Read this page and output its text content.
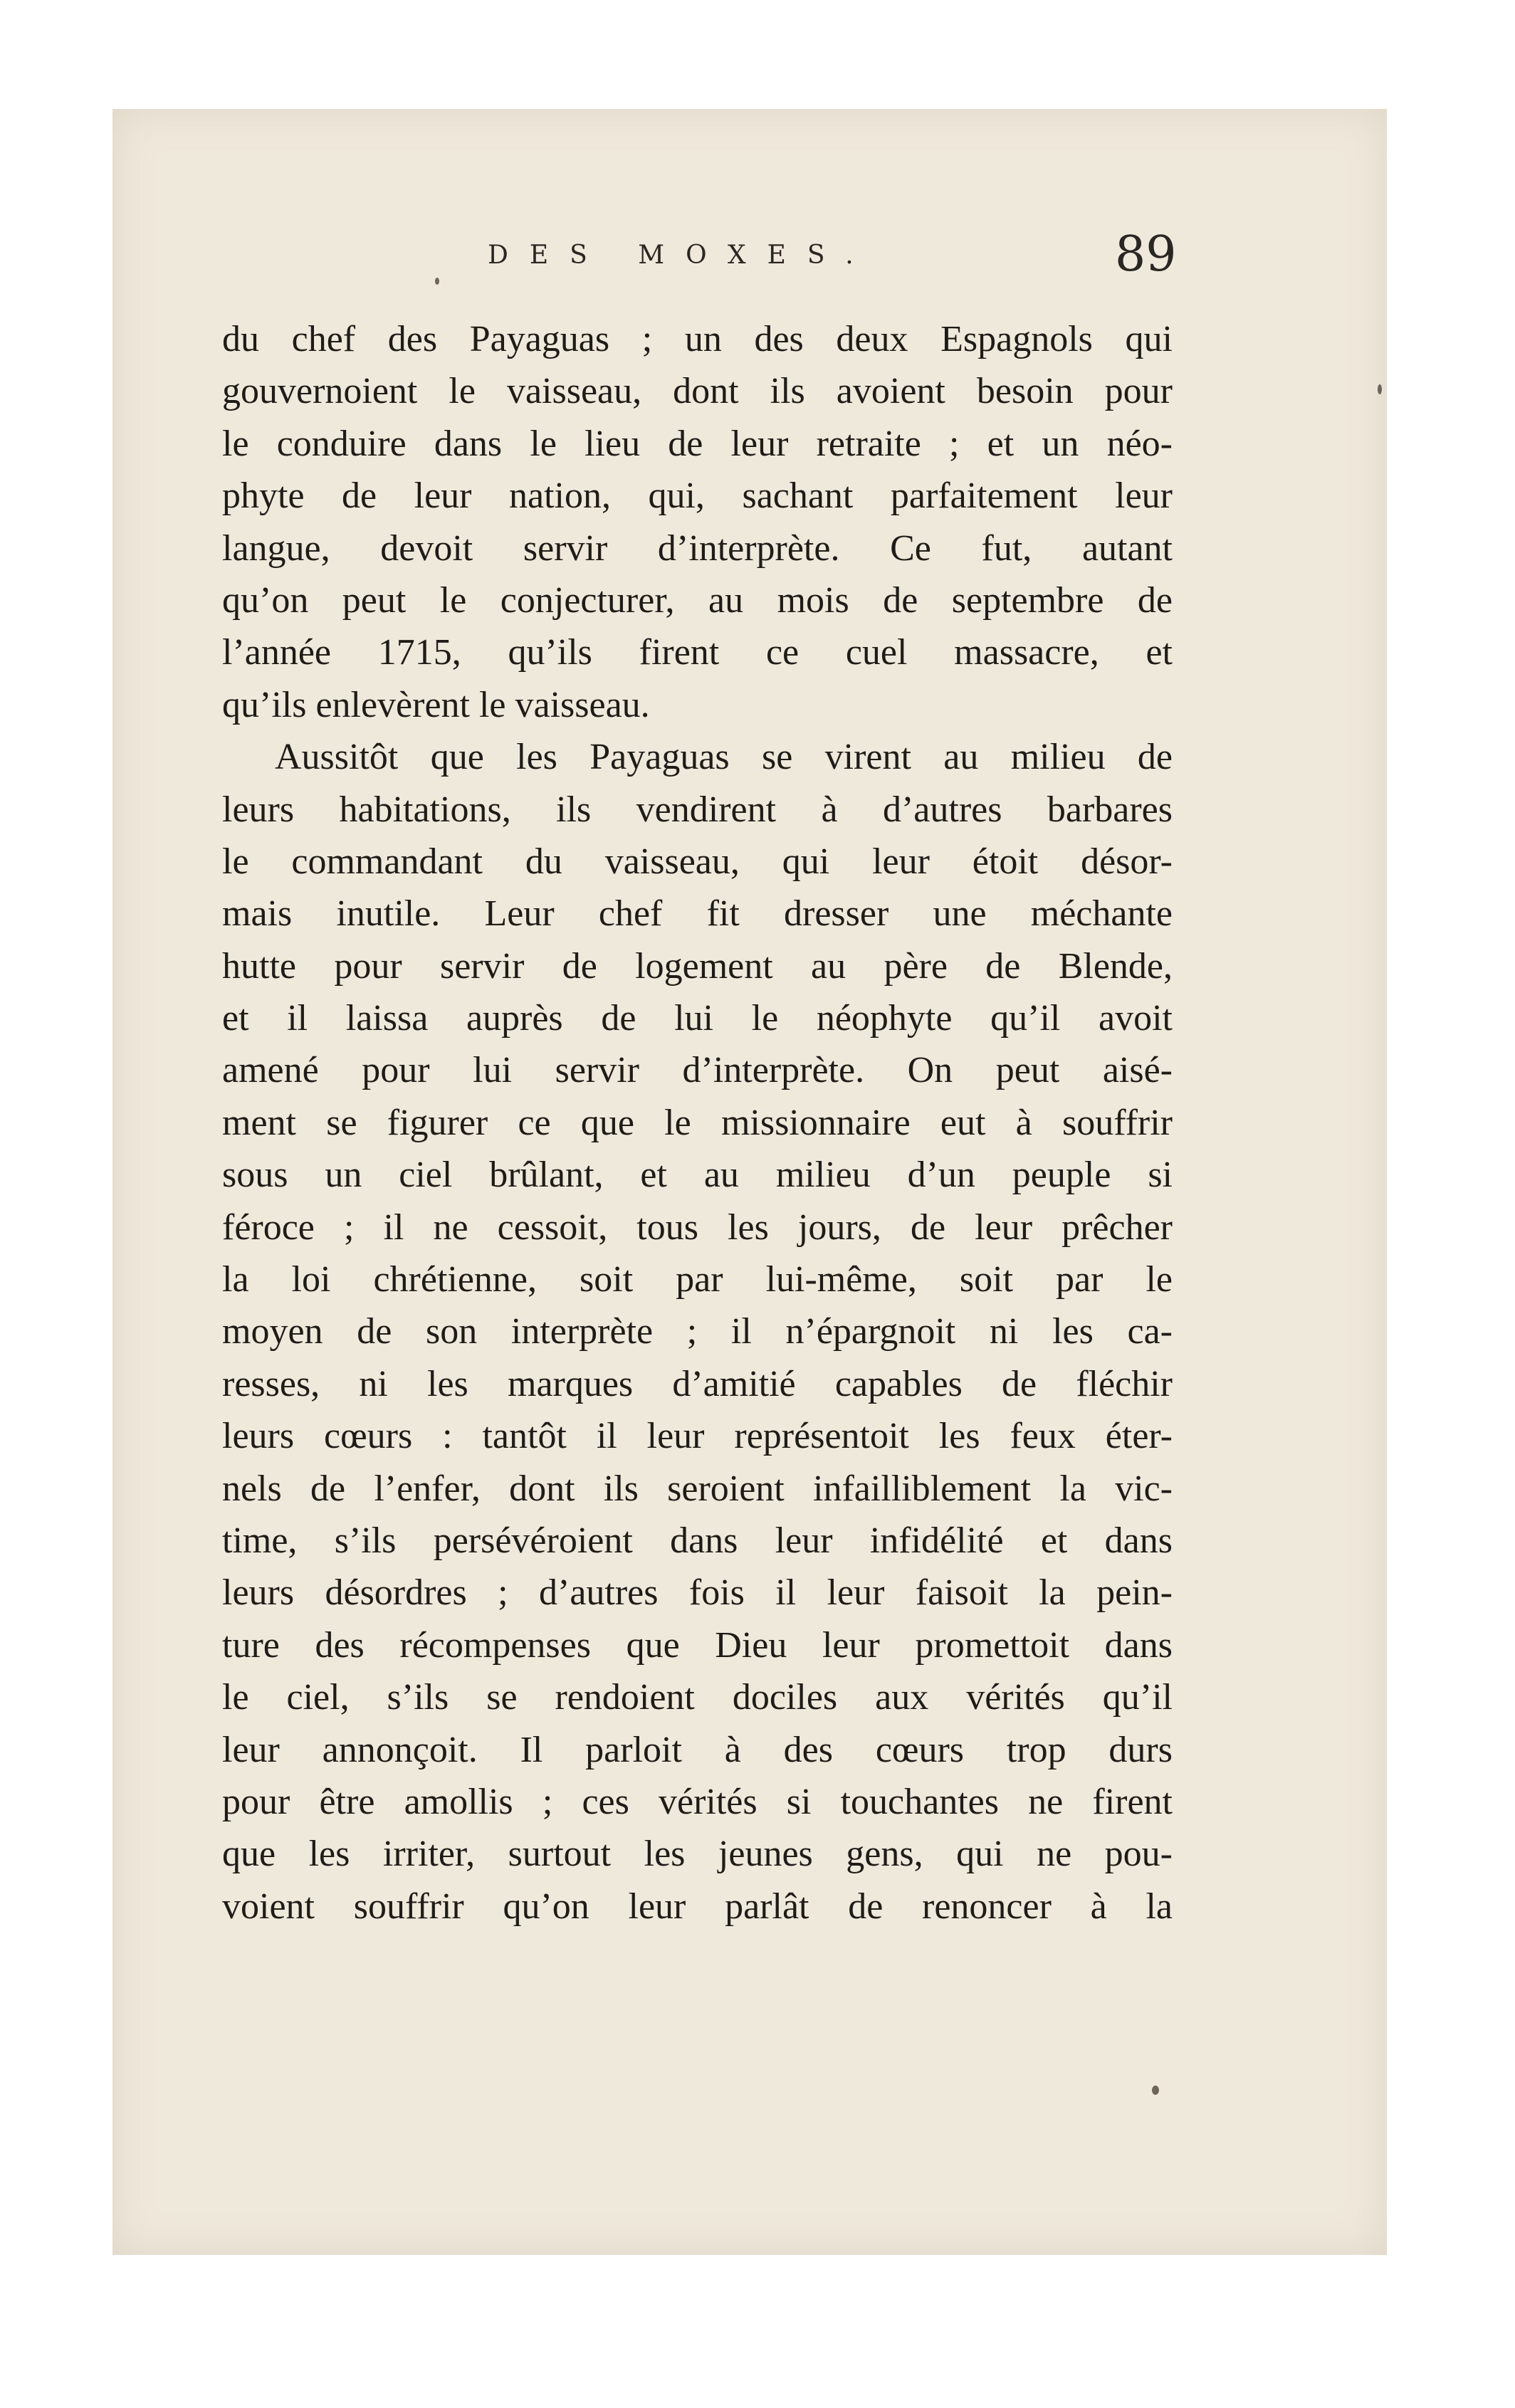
DES MOXES.	89
du chef des Payaguas ; un des deux Espagnols qui
gouvernoient le vaisseau, dont ils avoient besoin pour
le conduire dans le lieu de leur retraite ; et un néo-
phyte de leur nation, qui, sachant parfaitement leur
langue, devoit servir d’interprète. Ce fut, autant
qu’on peut le conjecturer, au mois de septembre de
l’année 1715, qu’ils firent ce cuel massacre, et
qu’ils enlevèrent le vaisseau.
Aussitôt que les Payaguas se virent au milieu de
leurs habitations, ils vendirent à d’autres barbares
le commandant du vaisseau, qui leur étoit désor-
mais inutile. Leur chef fit dresser une méchante
hutte pour servir de logement au père de Blende,
et il laissa auprès de lui le néophyte qu’il avoit
amené pour lui servir d’interprète. On peut aisé-
ment se figurer ce que le missionnaire eut à souffrir
sous un ciel brûlant, et au milieu d’un peuple si
féroce ; il ne cessoit, tous les jours, de leur prêcher
la loi chrétienne, soit par lui-même, soit par le
moyen de son interprète ; il n’épargnoit ni les ca-
resses, ni les marques d’amitié capables de fléchir
leurs cœurs : tantôt il leur représentoit les feux éter-
nels de l’enfer, dont ils seroient infailliblement la vic-
time, s’ils persévéroient dans leur infidélité et dans
leurs désordres ; d’autres fois il leur faisoit la pein-
ture des récompenses que Dieu leur promettoit dans
le ciel, s’ils se rendoient dociles aux vérités qu’il
leur annonçoit. Il parloit à des cœurs trop durs
pour être amollis ; ces vérités si touchantes ne firent
que les irriter, surtout les jeunes gens, qui ne pou-
voient souffrir qu’on leur parlât de renoncer à la
